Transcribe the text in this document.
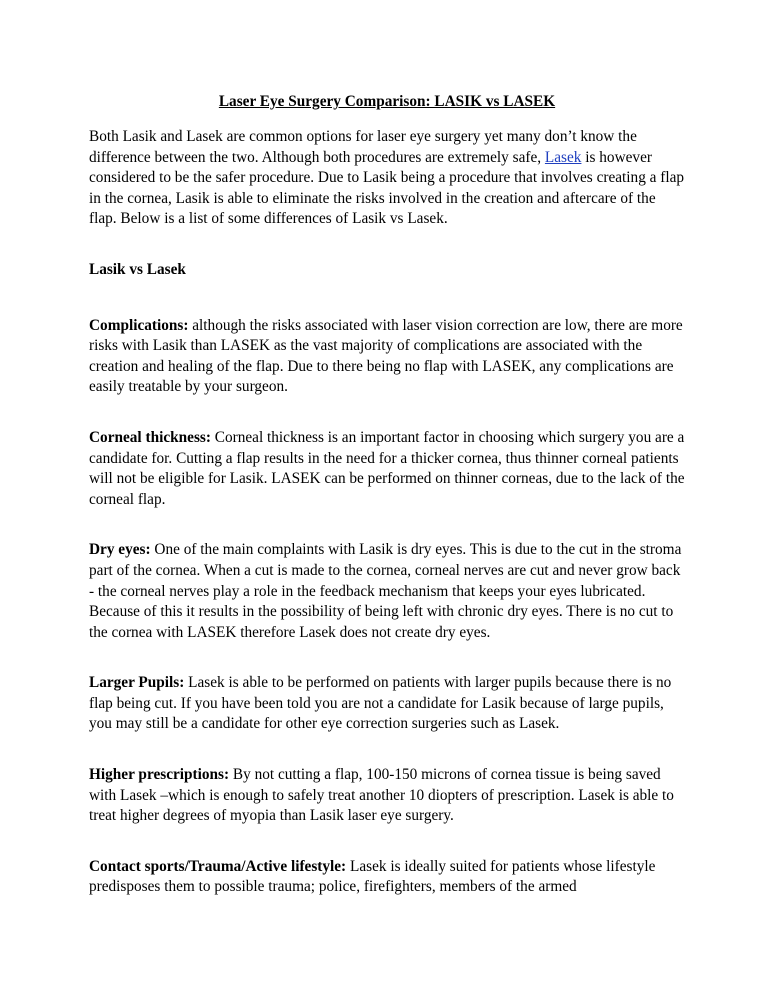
Laser Eye Surgery Comparison: LASIK vs LASEK

Both Lasik and Lasek are common options for laser eye surgery yet many don’t know the difference between the two. Although both procedures are extremely safe, Lasek is however considered to be the safer procedure. Due to Lasik being a procedure that involves creating a flap in the cornea, Lasik is able to eliminate the risks involved in the creation and aftercare of the flap. Below is a list of some differences of Lasik vs Lasek.

Lasik vs Lasek

Complications: although the risks associated with laser vision correction are low, there are more risks with Lasik than LASEK as the vast majority of complications are associated with the creation and healing of the flap. Due to there being no flap with LASEK, any complications are easily treatable by your surgeon.

Corneal thickness: Corneal thickness is an important factor in choosing which surgery you are a candidate for. Cutting a flap results in the need for a thicker cornea, thus thinner corneal patients will not be eligible for Lasik. LASEK can be performed on thinner corneas, due to the lack of the corneal flap.

Dry eyes: One of the main complaints with Lasik is dry eyes. This is due to the cut in the stroma part of the cornea. When a cut is made to the cornea, corneal nerves are cut and never grow back - the corneal nerves play a role in the feedback mechanism that keeps your eyes lubricated. Because of this it results in the possibility of being left with chronic dry eyes. There is no cut to the cornea with LASEK therefore Lasek does not create dry eyes.

Larger Pupils: Lasek is able to be performed on patients with larger pupils because there is no flap being cut. If you have been told you are not a candidate for Lasik because of large pupils, you may still be a candidate for other eye correction surgeries such as Lasek.

Higher prescriptions: By not cutting a flap, 100-150 microns of cornea tissue is being saved with Lasek –which is enough to safely treat another 10 diopters of prescription. Lasek is able to treat higher degrees of myopia than Lasik laser eye surgery.

Contact sports/Trauma/Active lifestyle: Lasek is ideally suited for patients whose lifestyle predisposes them to possible trauma; police, firefighters, members of the armed
